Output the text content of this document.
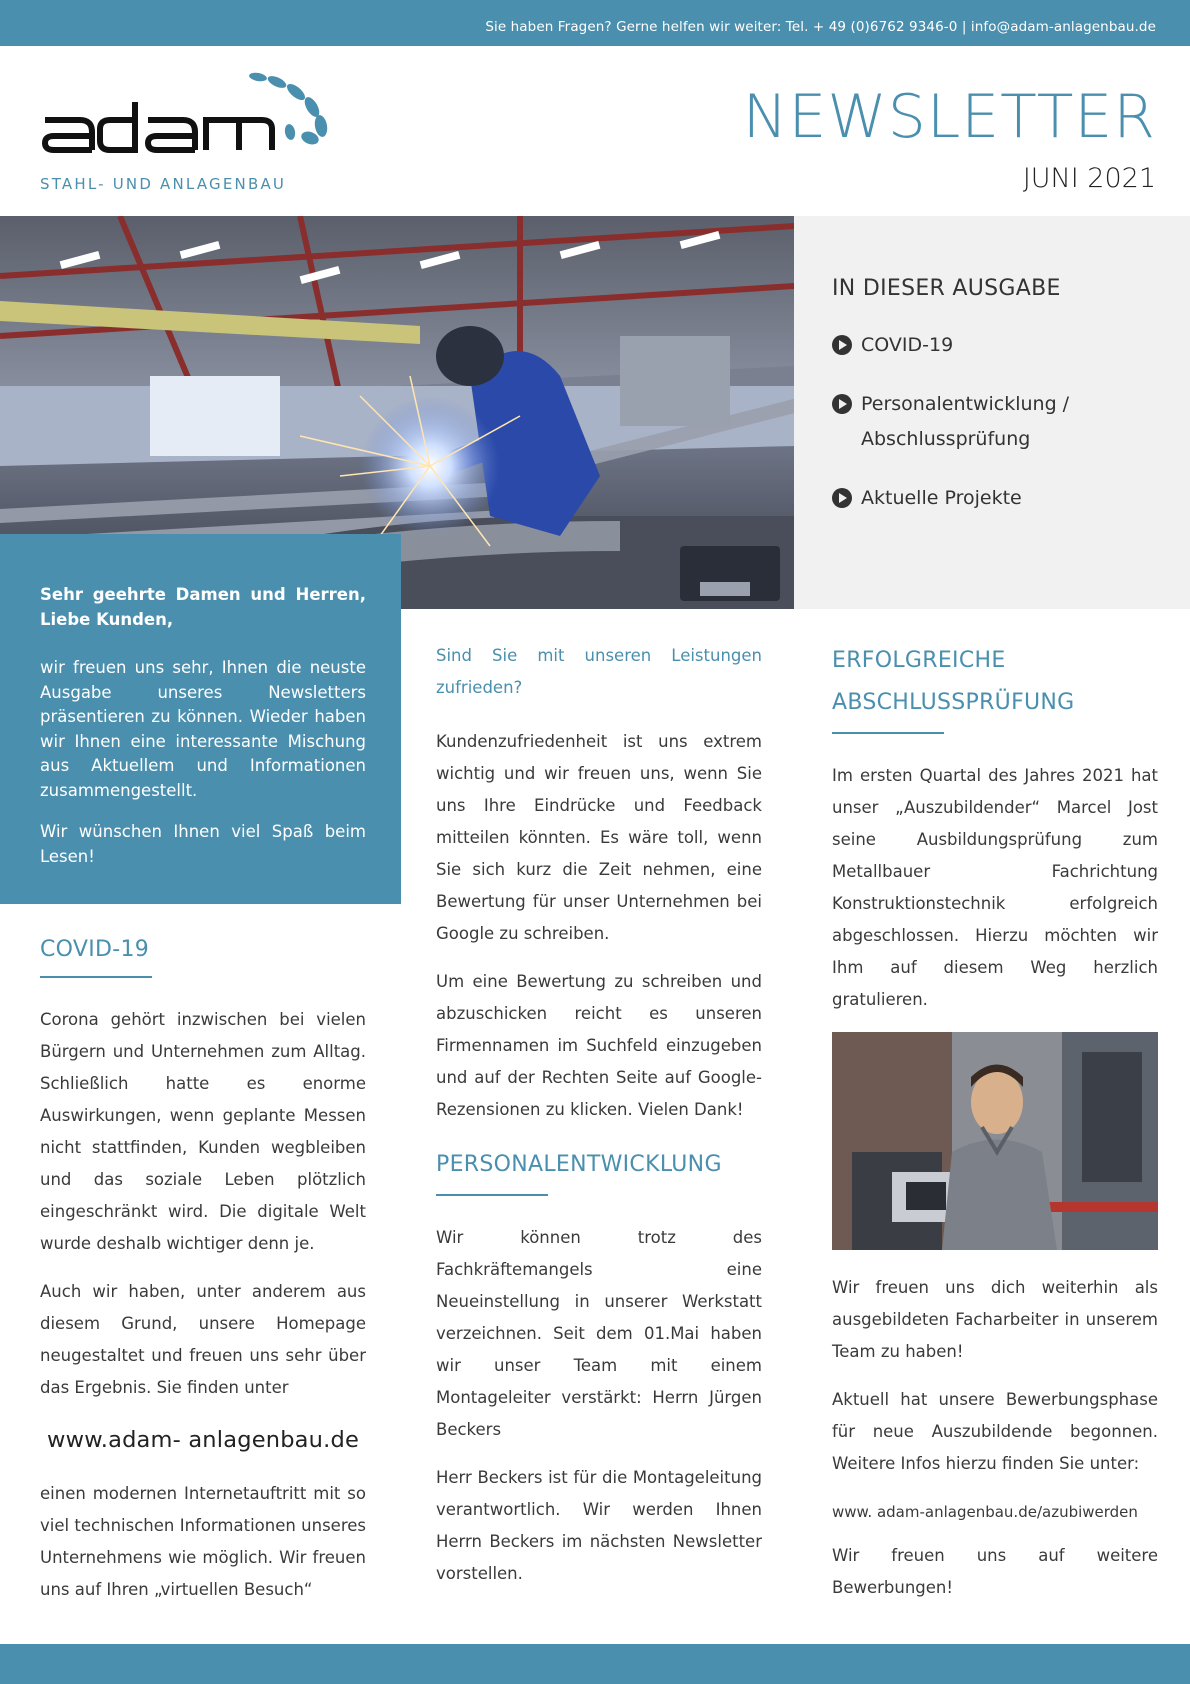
Sie haben Fragen? Gerne helfen wir weiter: Tel. + 49 (0)6762 9346-0 | info@adam-anlagenbau.de
STAHL- UND ANLAGENBAU
NEWSLETTER
JUNI 2021
IN DIESER AUSGABE
COVID-19
Personalentwicklung /
Abschlussprüfung
Aktuelle Projekte

Sehr geehrte Damen und Herren, Liebe Kunden,

wir freuen uns sehr, Ihnen die neuste Ausgabe unseres Newsletters präsentieren zu können. Wieder haben wir Ihnen eine interessante Mischung aus Aktuellem und Informationen zusammengestellt.

Wir wünschen Ihnen viel Spaß beim Lesen!

COVID-19

Corona gehört inzwischen bei vielen Bürgern und Unternehmen zum Alltag. Schließlich hatte es enorme Auswirkungen, wenn geplante Messen nicht stattfinden, Kunden wegbleiben und das soziale Leben plötzlich eingeschränkt wird. Die digitale Welt wurde deshalb wichtiger denn je.

Auch wir haben, unter anderem aus diesem Grund, unsere Homepage neugestaltet und freuen uns sehr über das Ergebnis. Sie finden unter

www.adam- anlagenbau.de

einen modernen Internetauftritt mit so viel technischen Informationen unseres Unternehmens wie möglich. Wir freuen uns auf Ihren „virtuellen Besuch“

Sind Sie mit unseren Leistungen zufrieden?

Kundenzufriedenheit ist uns extrem wichtig und wir freuen uns, wenn Sie uns Ihre Eindrücke und Feedback mitteilen könnten. Es wäre toll, wenn Sie sich kurz die Zeit nehmen, eine Bewertung für unser Unternehmen bei Google zu schreiben.

Um eine Bewertung zu schreiben und abzuschicken reicht es unseren Firmennamen im Suchfeld einzugeben und auf der Rechten Seite auf Google-Rezensionen zu klicken. Vielen Dank!

PERSONALENTWICKLUNG

Wir können trotz des Fachkräftemangels eine Neueinstellung in unserer Werkstatt verzeichnen. Seit dem 01.Mai haben wir unser Team mit einem Montageleiter verstärkt: Herrn Jürgen Beckers

Herr Beckers ist für die Montageleitung verantwortlich. Wir werden Ihnen Herrn Beckers im nächsten Newsletter vorstellen.

ERFOLGREICHE
ABSCHLUSSPRÜFUNG

Im ersten Quartal des Jahres 2021 hat unser „Auszubildender“ Marcel Jost seine Ausbildungsprüfung zum Metallbauer Fachrichtung Konstruktionstechnik erfolgreich abgeschlossen. Hierzu möchten wir Ihm auf diesem Weg herzlich gratulieren.

Wir freuen uns dich weiterhin als ausgebildeten Facharbeiter in unserem Team zu haben!

Aktuell hat unsere Bewerbungsphase für neue Auszubildende begonnen. Weitere Infos hierzu finden Sie unter:

www. adam-anlagenbau.de/azubiwerden

Wir freuen uns auf weitere Bewerbungen!
